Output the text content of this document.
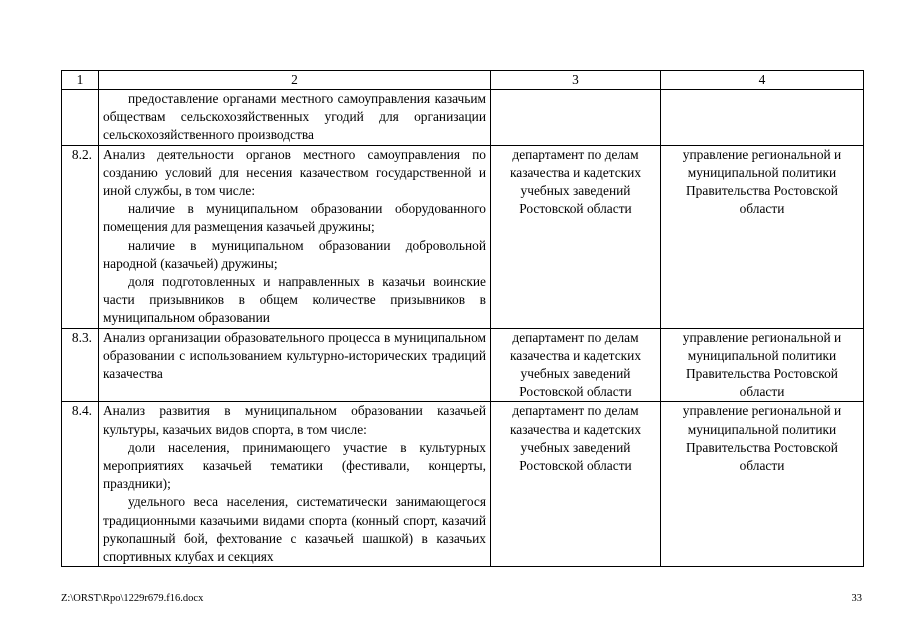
1	2	3	4

	предоставление органами местного самоуправления казачьим обществам сельскохозяйственных угодий для организации сельскохозяйственного производства		

8.2.	Анализ деятельности органов местного самоуправления по созданию условий для несения казачеством государственной и иной службы, в том числе:

наличие в муниципальном образовании оборудованного помещения для размещения казачьей дружины;

наличие в муниципальном образовании добровольной народной (казачьей) дружины;

доля подготовленных и направленных в казачьи воинские части призывников в общем количестве призывников в муниципальном образовании	департамент по делам казачества и кадетских учебных заведений Ростовской области	управление региональной и муниципальной политики Правительства Ростовской области
8.3.	Анализ организации образовательного процесса в муниципальном образовании с использованием культурно-исторических традиций казачества	департамент по делам казачества и кадетских учебных заведений Ростовской области	управление региональной и муниципальной политики Правительства Ростовской области
8.4.	Анализ развития в муниципальном образовании казачьей культуры, казачьих видов спорта, в том числе:

доли населения, принимающего участие в культурных мероприятиях казачьей тематики (фестивали, концерты, праздники);

удельного веса населения, систематически занимающегося традиционными казачьими видами спорта (конный спорт, казачий рукопашный бой, фехтование с казачьей шашкой) в казачьих спортивных клубах и секциях	департамент по делам казачества и кадетских учебных заведений Ростовской области	управление региональной и муниципальной политики Правительства Ростовской области
Z:\ORST\Rpo\1229r679.f16.docx	33
